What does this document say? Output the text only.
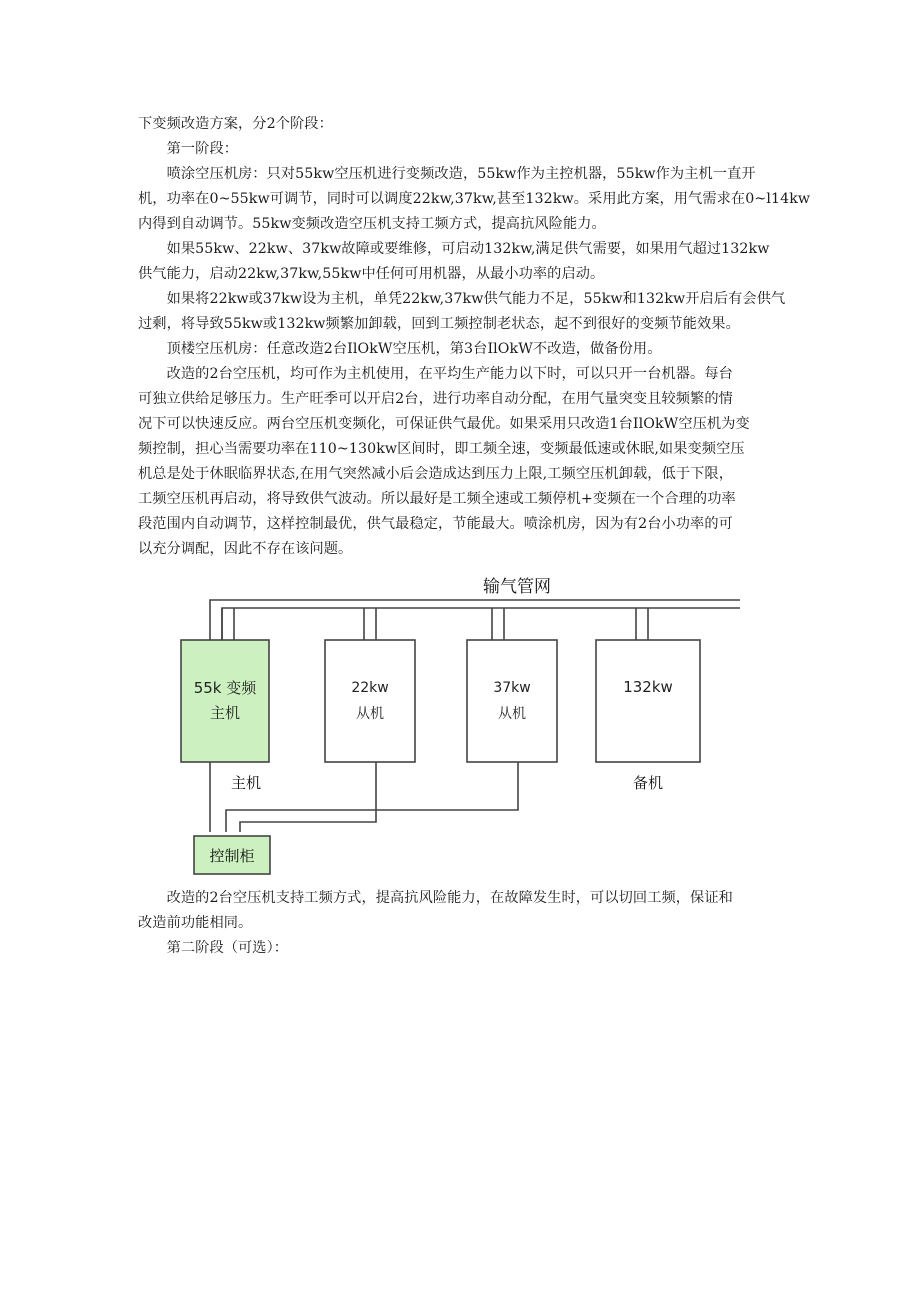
下变频改造方案，分2个阶段：

　　第一阶段：

　　喷涂空压机房：只对55kw空压机进行变频改造，55kw作为主控机器，55kw作为主机一直开
机，功率在0~55kw可调节，同时可以调度22kw,37kw,甚至132kw。采用此方案，用气需求在0~l14kw
内得到自动调节。55kw变频改造空压机支持工频方式，提高抗风险能力。

　　如果55kw、22kw、37kw故障或要维修，可启动132kw,满足供气需要，如果用气超过132kw
供气能力，启动22kw,37kw,55kw中任何可用机器，从最小功率的启动。

　　如果将22kw或37kw设为主机，单凭22kw,37kw供气能力不足，55kw和132kw开启后有会供气
过剩，将导致55kw或132kw频繁加卸载，回到工频控制老状态，起不到很好的变频节能效果。

　　顶楼空压机房：任意改造2台IlOkW空压机，第3台IlOkW不改造，做备份用。

　　改造的2台空压机，均可作为主机使用，在平均生产能力以下时，可以只开一台机器。每台
可独立供给足够压力。生产旺季可以开启2台，进行功率自动分配，在用气量突变且较频繁的情
况下可以快速反应。两台空压机变频化，可保证供气最优。如果采用只改造1台IlOkW空压机为变
频控制，担心当需要功率在110~130kw区间时，即工频全速，变频最低速或休眠,如果变频空压
机总是处于休眠临界状态,在用气突然减小后会造成达到压力上限,工频空压机卸载，低于下限，
工频空压机再启动，将导致供气波动。所以最好是工频全速或工频停机+变频在一个合理的功率
段范围内自动调节，这样控制最优，供气最稳定，节能最大。喷涂机房，因为有2台小功率的可
以充分调配，因此不存在该问题。

输气管网
55k 变频
主机
22kw
从机
37kw
从机
132kw
主机	备机
控制柜

　　改造的2台空压机支持工频方式，提高抗风险能力，在故障发生时，可以切回工频，保证和
改造前功能相同。

　　第二阶段（可选）：
